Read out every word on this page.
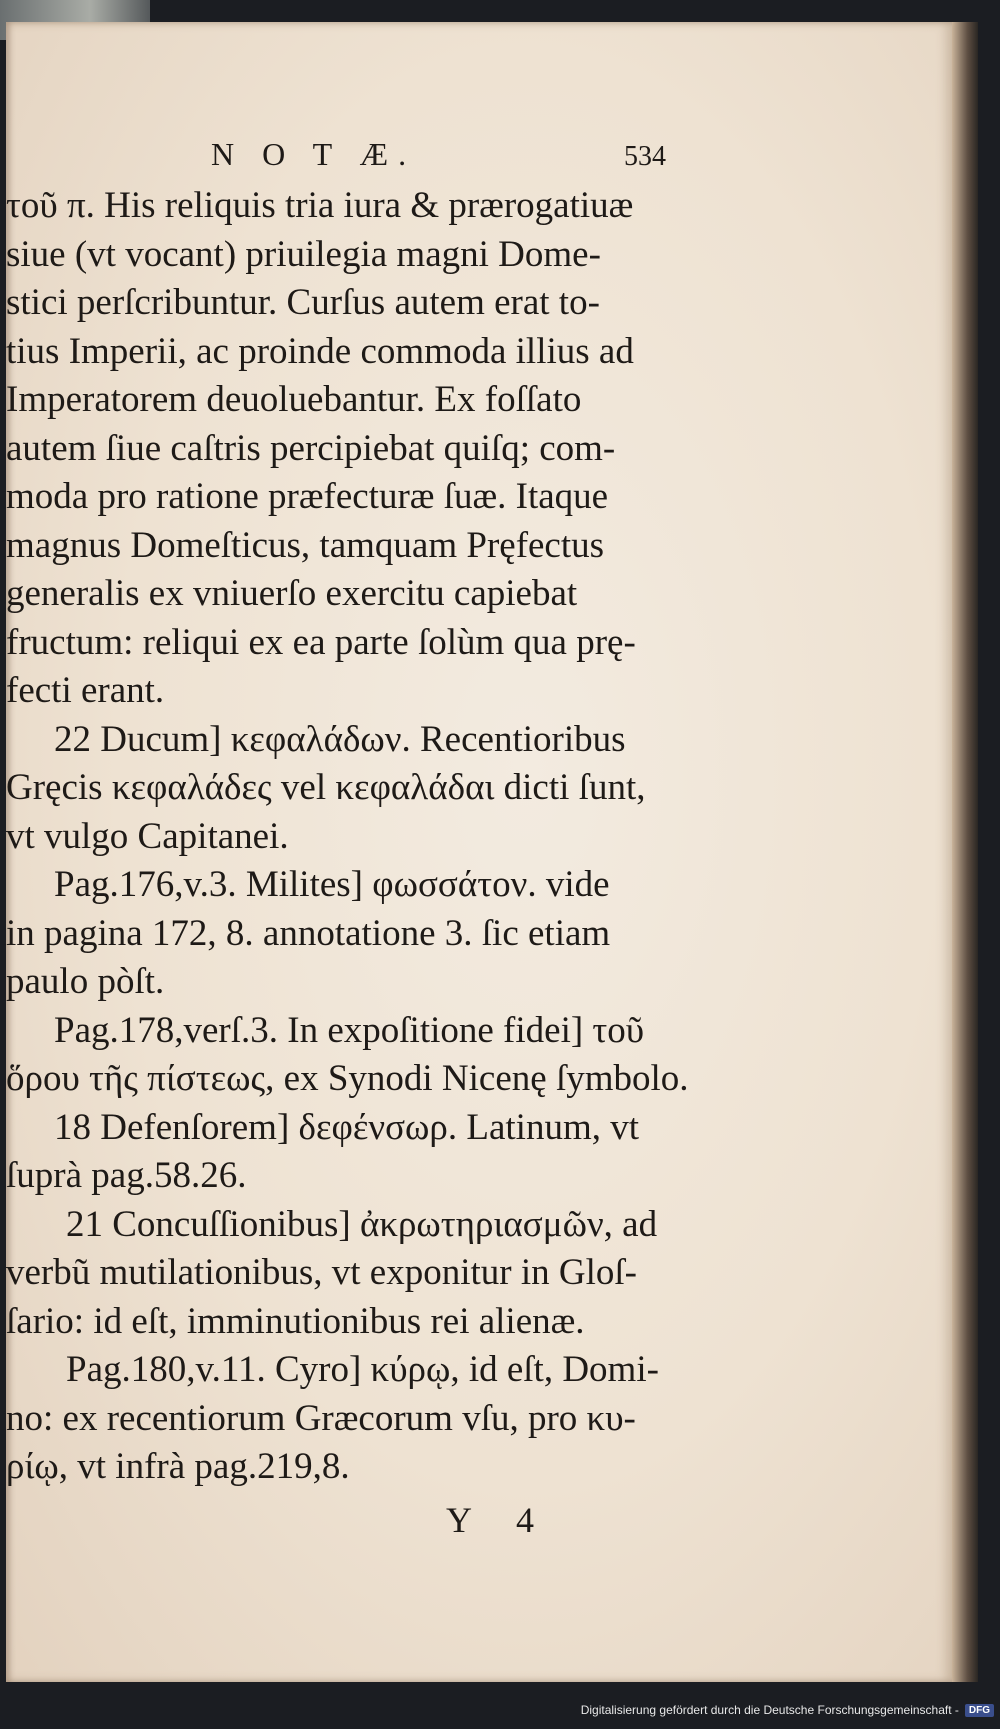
N O T Æ.	534
τοῦ π. His reliquis tria iura & prærogatiuæ
siue (vt vocant) priuilegia magni Dome-
stici perſcribuntur. Curſus autem erat to-
tius Imperii, ac proinde commoda illius ad
Imperatorem deuoluebantur. Ex foſſato
autem ſiue caſtris percipiebat quiſq; com-
moda pro ratione præfecturæ ſuæ. Itaque
magnus Domeſticus, tamquam Pręfectus
generalis ex vniuerſo exercitu capiebat
fructum: reliqui ex ea parte ſolùm qua prę-
fecti erant.
22 Ducum] κεφαλάδων. Recentioribus
Gręcis κεφαλάδες vel κεφαλάδαι dicti ſunt,
vt vulgo Capitanei.
Pag.176,v.3. Milites] φωσσάτον. vide
in pagina 172, 8. annotatione 3. ſic etiam
paulo pòſt.
Pag.178,verſ.3. In expoſitione fidei] τοῦ
ὅρου τῆς πίστεως, ex Synodi Nicenę ſymbolo.
18 Defenſorem] δεφένσωρ. Latinum, vt
ſuprà pag.58.26.
21 Concuſſionibus] ἀκρωτηριασμῶν, ad
verbũ mutilationibus, vt exponitur in Gloſ-
ſario: id eſt, imminutionibus rei alienæ.
Pag.180,v.11. Cyro] κύρῳ, id eſt, Domi-
no: ex recentiorum Græcorum vſu, pro κυ-
ρίῳ, vt infrà pag.219,8.
Y 4
Digitalisierung gefördert durch die Deutsche Forschungsgemeinschaft -	DFG
